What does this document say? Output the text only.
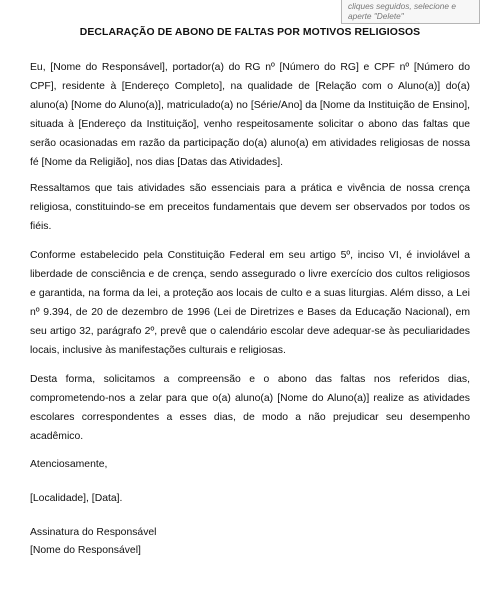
cliques seguidos, selecione e
aperte "Delete"
DECLARAÇÃO DE ABONO DE FALTAS POR MOTIVOS RELIGIOSOS

Eu, [Nome do Responsável], portador(a) do RG nº [Número do RG] e CPF nº [Número do CPF], residente à [Endereço Completo], na qualidade de [Relação com o Aluno(a)] do(a) aluno(a) [Nome do Aluno(a)], matriculado(a) no [Série/Ano] da [Nome da Instituição de Ensino], situada à [Endereço da Instituição], venho respeitosamente solicitar o abono das faltas que serão ocasionadas em razão da participação do(a) aluno(a) em atividades religiosas de nossa fé [Nome da Religião], nos dias [Datas das Atividades].

Ressaltamos que tais atividades são essenciais para a prática e vivência de nossa crença religiosa, constituindo-se em preceitos fundamentais que devem ser observados por todos os fiéis.

Conforme estabelecido pela Constituição Federal em seu artigo 5º, inciso VI, é inviolável a liberdade de consciência e de crença, sendo assegurado o livre exercício dos cultos religiosos e garantida, na forma da lei, a proteção aos locais de culto e a suas liturgias. Além disso, a Lei nº 9.394, de 20 de dezembro de 1996 (Lei de Diretrizes e Bases da Educação Nacional), em seu artigo 32, parágrafo 2º, prevê que o calendário escolar deve adequar-se às peculiaridades locais, inclusive às manifestações culturais e religiosas.

Desta forma, solicitamos a compreensão e o abono das faltas nos referidos dias, comprometendo-nos a zelar para que o(a) aluno(a) [Nome do Aluno(a)] realize as atividades escolares correspondentes a esses dias, de modo a não prejudicar seu desempenho acadêmico.

Atenciosamente,

[Localidade], [Data].

Assinatura do Responsável

[Nome do Responsável]
